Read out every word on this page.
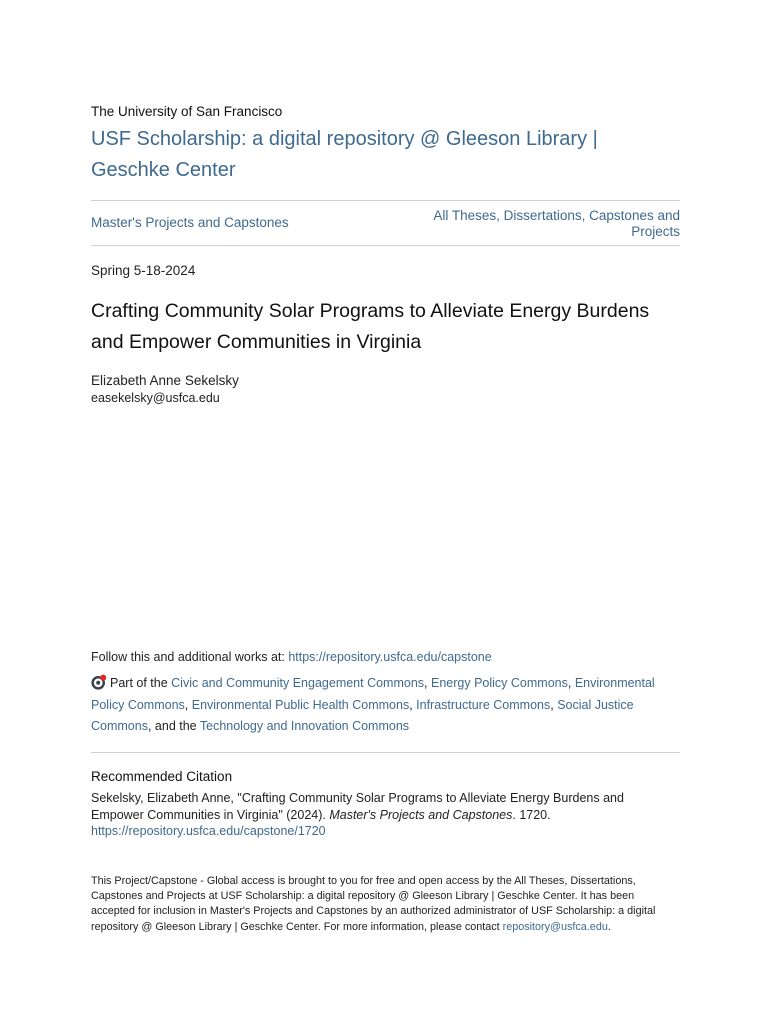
The University of San Francisco
USF Scholarship: a digital repository @ Gleeson Library | Geschke Center
Master's Projects and Capstones	All Theses, Dissertations, Capstones and Projects
Spring 5-18-2024
Crafting Community Solar Programs to Alleviate Energy Burdens and Empower Communities in Virginia
Elizabeth Anne Sekelsky
easekelsky@usfca.edu
Follow this and additional works at: https://repository.usfca.edu/capstone
Part of the Civic and Community Engagement Commons, Energy Policy Commons, Environmental Policy Commons, Environmental Public Health Commons, Infrastructure Commons, Social Justice Commons, and the Technology and Innovation Commons
Recommended Citation
Sekelsky, Elizabeth Anne, "Crafting Community Solar Programs to Alleviate Energy Burdens and Empower Communities in Virginia" (2024). Master's Projects and Capstones. 1720.
https://repository.usfca.edu/capstone/1720
This Project/Capstone - Global access is brought to you for free and open access by the All Theses, Dissertations, Capstones and Projects at USF Scholarship: a digital repository @ Gleeson Library | Geschke Center. It has been accepted for inclusion in Master's Projects and Capstones by an authorized administrator of USF Scholarship: a digital repository @ Gleeson Library | Geschke Center. For more information, please contact repository@usfca.edu.
